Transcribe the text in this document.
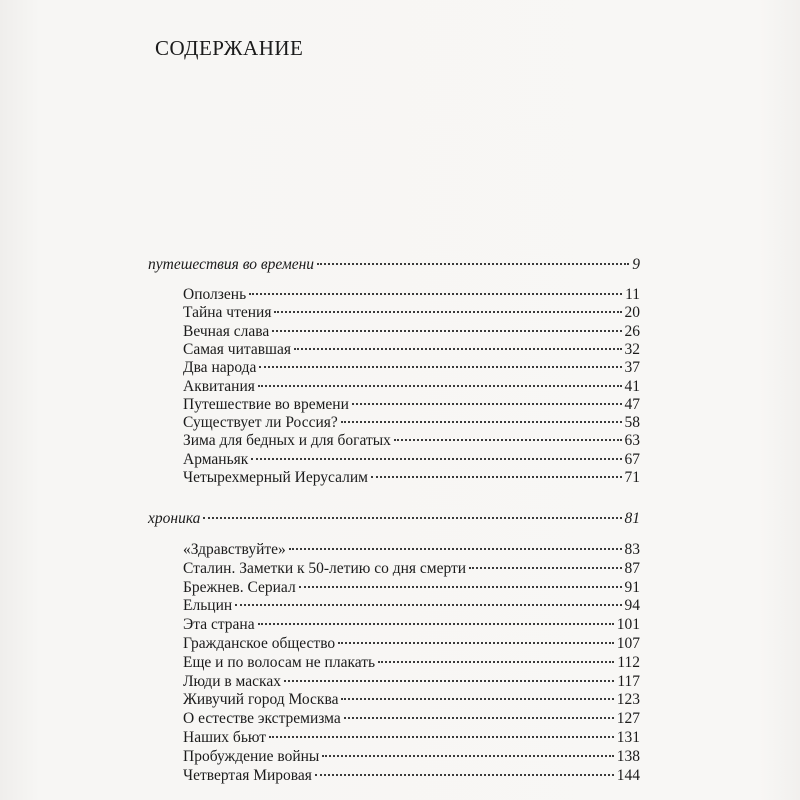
СОДЕРЖАНИЕ
путешествия во времени	9
Оползень	11
Тайна чтения	20
Вечная слава	26
Самая читавшая	32
Два народа	37
Аквитания	41
Путешествие во времени	47
Существует ли Россия?	58
Зима для бедных и для богатых	63
Арманьяк	67
Четырехмерный Иерусалим	71
хроника	81
«Здравствуйте»	83
Сталин. Заметки к 50-летию со дня смерти	87
Брежнев. Сериал	91
Ельцин	94
Эта страна	101
Гражданское общество	107
Еще и по волосам не плакать	112
Люди в масках	117
Живучий город Москва	123
О естестве экстремизма	127
Наших бьют	131
Пробуждение войны	138
Четвертая Мировая	144
